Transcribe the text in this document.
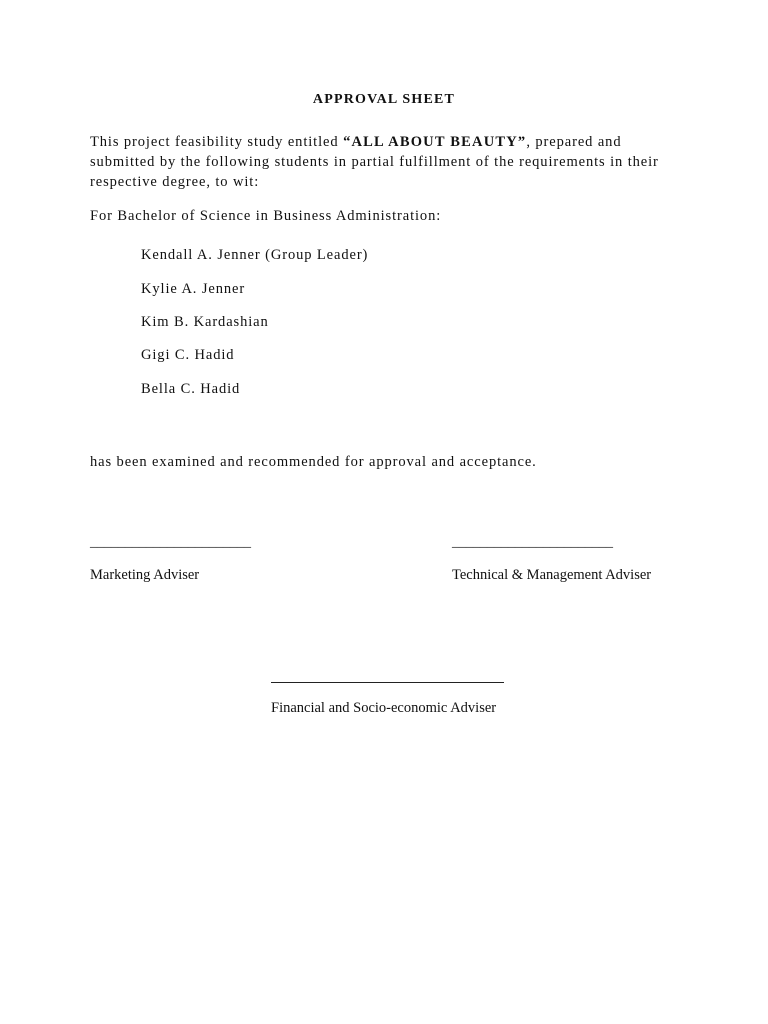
APPROVAL SHEET
This project feasibility study entitled “ALL ABOUT BEAUTY”, prepared and submitted by the following students in partial fulfillment of the requirements in their respective degree, to wit:
For Bachelor of Science in Business Administration:
Kendall A. Jenner (Group Leader)
Kylie A. Jenner
Kim B. Kardashian
Gigi C. Hadid
Bella C. Hadid
has been examined and recommended for approval and acceptance.
_______________________
Marketing Adviser
_______________________
Technical & Management Adviser
Financial and Socio-economic Adviser
